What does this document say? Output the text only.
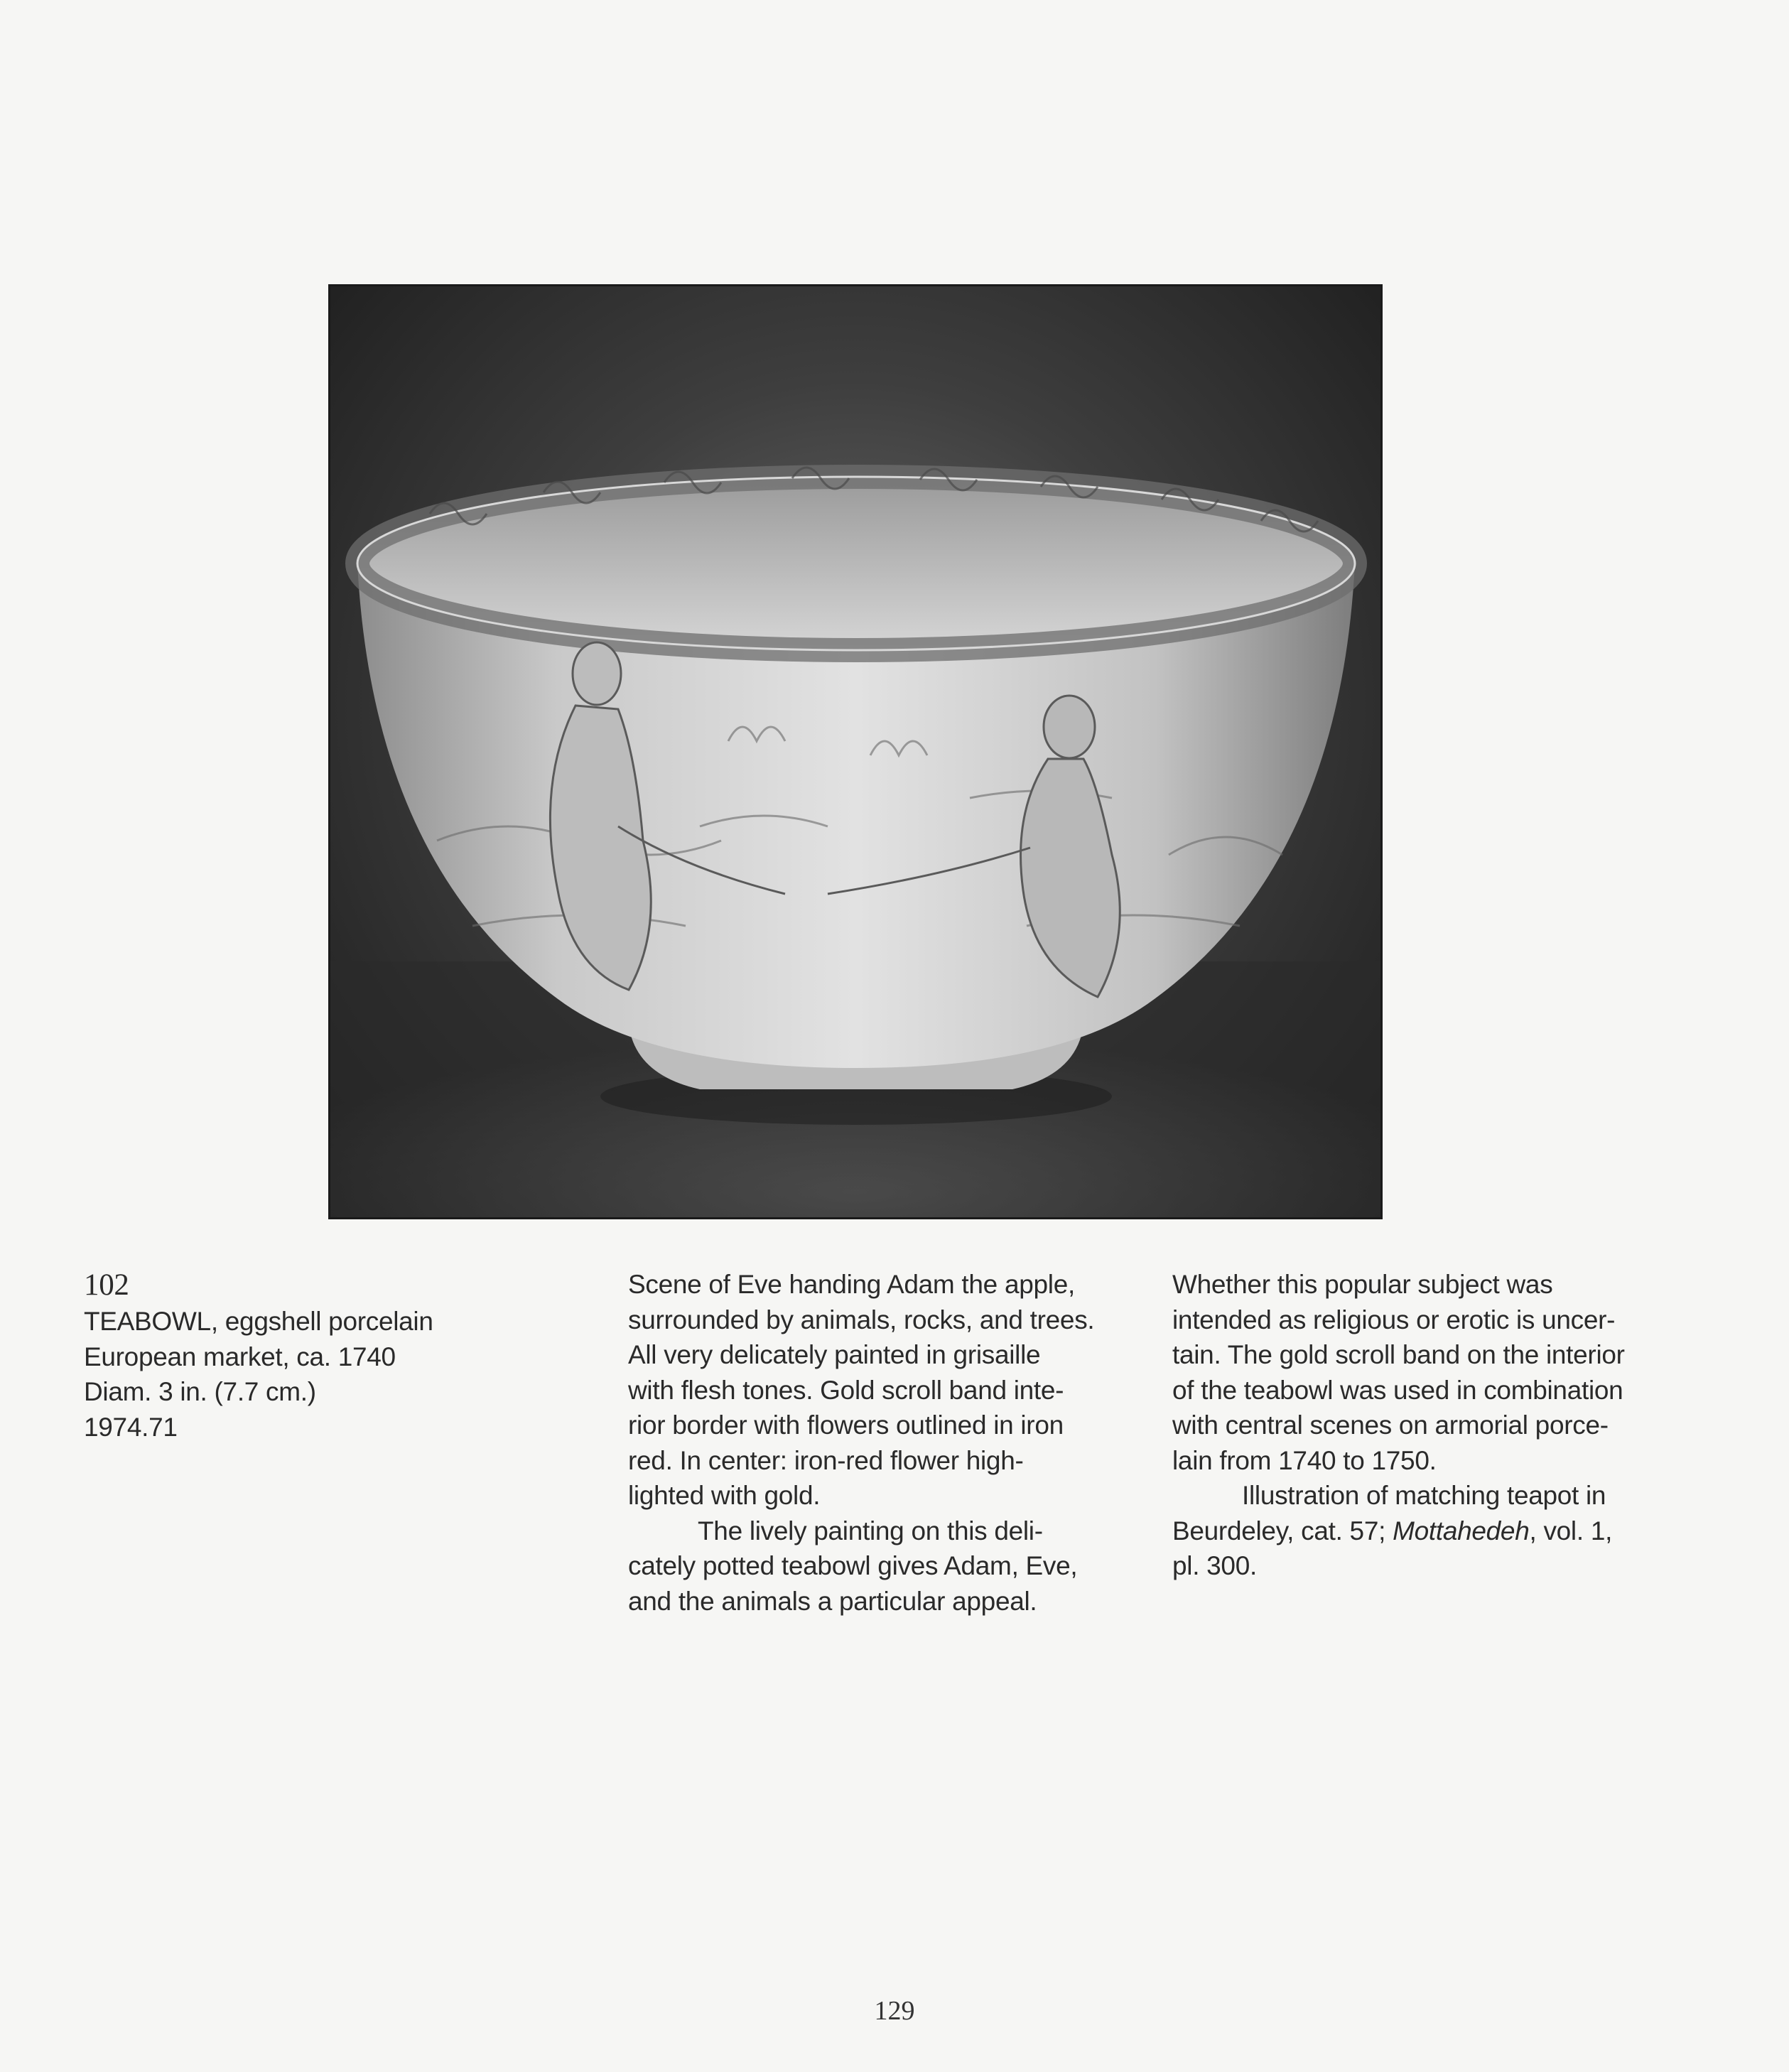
102

TEABOWL, eggshell porcelain

European market, ca. 1740

Diam. 3 in. (7.7 cm.)

1974.71

Scene of Eve handing Adam the apple,

surrounded by animals, rocks, and trees.

All very delicately painted in grisaille

with flesh tones. Gold scroll band inte-

rior border with flowers outlined in iron

red. In center: iron-red flower high-

lighted with gold.

The lively painting on this deli-

cately potted teabowl gives Adam, Eve,

and the animals a particular appeal.

Whether this popular subject was

intended as religious or erotic is uncer-

tain. The gold scroll band on the interior

of the teabowl was used in combination

with central scenes on armorial porce-

lain from 1740 to 1750.

Illustration of matching teapot in

Beurdeley, cat. 57; Mottahedeh, vol. 1,

pl. 300.

129
